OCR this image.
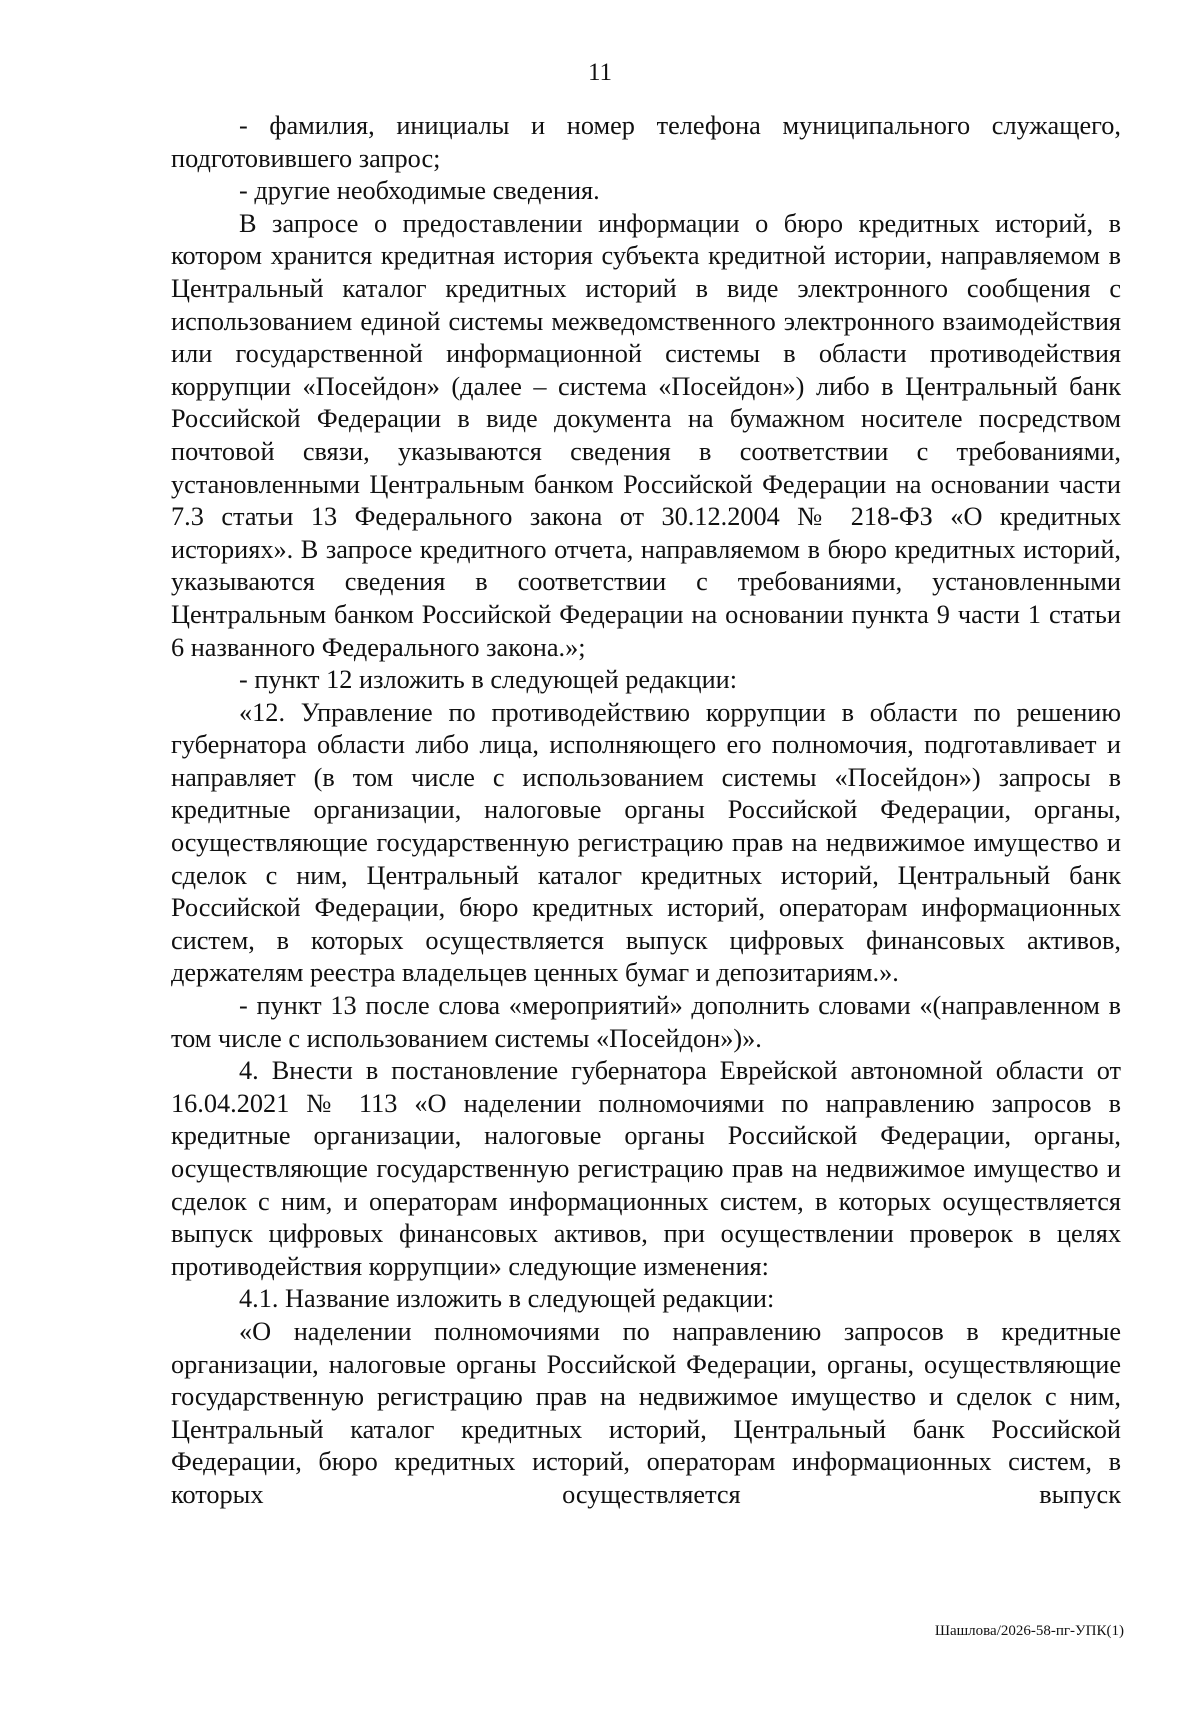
11

- фамилия, инициалы и номер телефона муниципального служащего, подготовившего запрос;

- другие необходимые сведения.

В запросе о предоставлении информации о бюро кредитных историй, в котором хранится кредитная история субъекта кредитной истории, направляемом в Центральный каталог кредитных историй в виде электронного сообщения с использованием единой системы межведомственного электронного взаимодействия или государственной информационной системы в области противодействия коррупции «Посейдон» (далее – система «Посейдон») либо в Центральный банк Российской Федерации в виде документа на бумажном носителе посредством почтовой связи, указываются сведения в соответствии с требованиями, установленными Центральным банком Российской Федерации на основании части 7.3 статьи 13 Федерального закона от 30.12.2004 № 218-ФЗ «О кредитных историях». В запросе кредитного отчета, направляемом в бюро кредитных историй, указываются сведения в соответствии с требованиями, установленными Центральным банком Российской Федерации на основании пункта 9 части 1 статьи 6 названного Федерального закона.»;

- пункт 12 изложить в следующей редакции:

«12. Управление по противодействию коррупции в области по решению губернатора области либо лица, исполняющего его полномочия, подготавливает и направляет (в том числе с использованием системы «Посейдон») запросы в кредитные организации, налоговые органы Российской Федерации, органы, осуществляющие государственную регистрацию прав на недвижимое имущество и сделок с ним, Центральный каталог кредитных историй, Центральный банк Российской Федерации, бюро кредитных историй, операторам информационных систем, в которых осуществляется выпуск цифровых финансовых активов, держателям реестра владельцев ценных бумаг и депозитариям.».

- пункт 13 после слова «мероприятий» дополнить словами «(направленном в том числе с использованием системы «Посейдон»)».

4. Внести в постановление губернатора Еврейской автономной области от 16.04.2021 № 113 «О наделении полномочиями по направлению запросов в кредитные организации, налоговые органы Российской Федерации, органы, осуществляющие государственную регистрацию прав на недвижимое имущество и сделок с ним, и операторам информационных систем, в которых осуществляется выпуск цифровых финансовых активов, при осуществлении проверок в целях противодействия коррупции» следующие изменения:

4.1. Название изложить в следующей редакции:

«О наделении полномочиями по направлению запросов в кредитные организации, налоговые органы Российской Федерации, органы, осуществляющие государственную регистрацию прав на недвижимое имущество и сделок с ним, Центральный каталог кредитных историй, Центральный банк Российской Федерации, бюро кредитных историй, операторам информационных систем, в которых осуществляется выпуск

Шашлова/2026-58-пг-УПК(1)
